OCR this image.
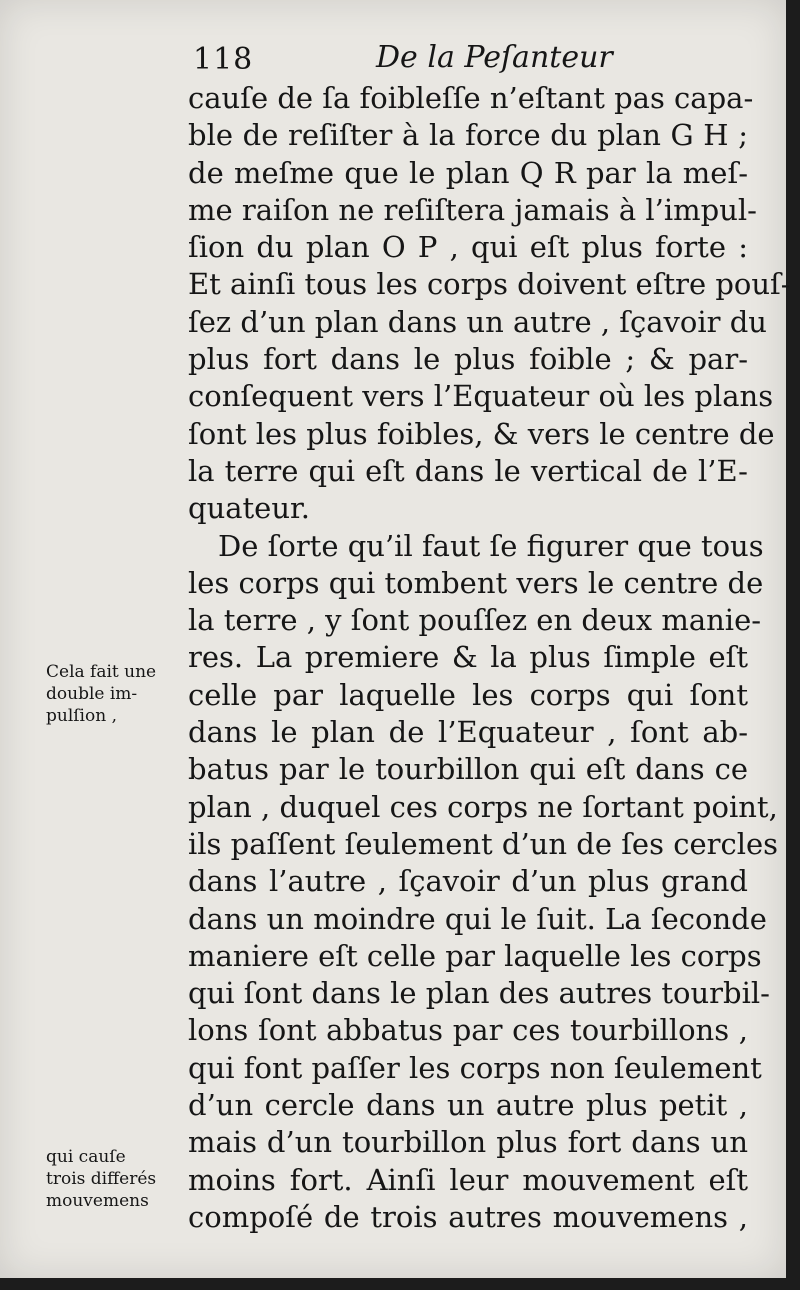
118	De la Peſanteur
cauſe de ſa foibleſſe n’eſtant pas capa-
ble de reſiſter à la force du plan G H ;
de meſme que le plan Q R par la meſ-
me raiſon ne reſiſtera jamais à l’impul-
ſion du plan O P , qui eſt plus forte :
Et ainſi tous les corps doivent eſtre pouſ-
ſez d’un plan dans un autre , ſçavoir du
plus fort dans le plus foible ; & par-
conſequent vers l’Equateur où les plans
ſont les plus foibles, & vers le centre de
la terre qui eſt dans le vertical de l’E-
quateur.
De ſorte qu’il faut ſe figurer que tous
les corps qui tombent vers le centre de
la terre , y ſont pouſſez en deux manie-
res. La premiere & la plus ſimple eſt
celle par laquelle les corps qui ſont
dans le plan de l’Equateur , ſont ab-
batus par le tourbillon qui eſt dans ce
plan , duquel ces corps ne ſortant point,
ils paſſent ſeulement d’un de ſes cercles
dans l’autre , ſçavoir d’un plus grand
dans un moindre qui le ſuit. La ſeconde
maniere eſt celle par laquelle les corps
qui ſont dans le plan des autres tourbil-
lons ſont abbatus par ces tourbillons ,
qui font paſſer les corps non ſeulement
d’un cercle dans un autre plus petit ,
mais d’un tourbillon plus fort dans un
moins fort. Ainſi leur mouvement eſt
compoſé de trois autres mouvemens ,
Cela fait une
double im-
pulſion ,
qui cauſe
trois differés
mouvemens
